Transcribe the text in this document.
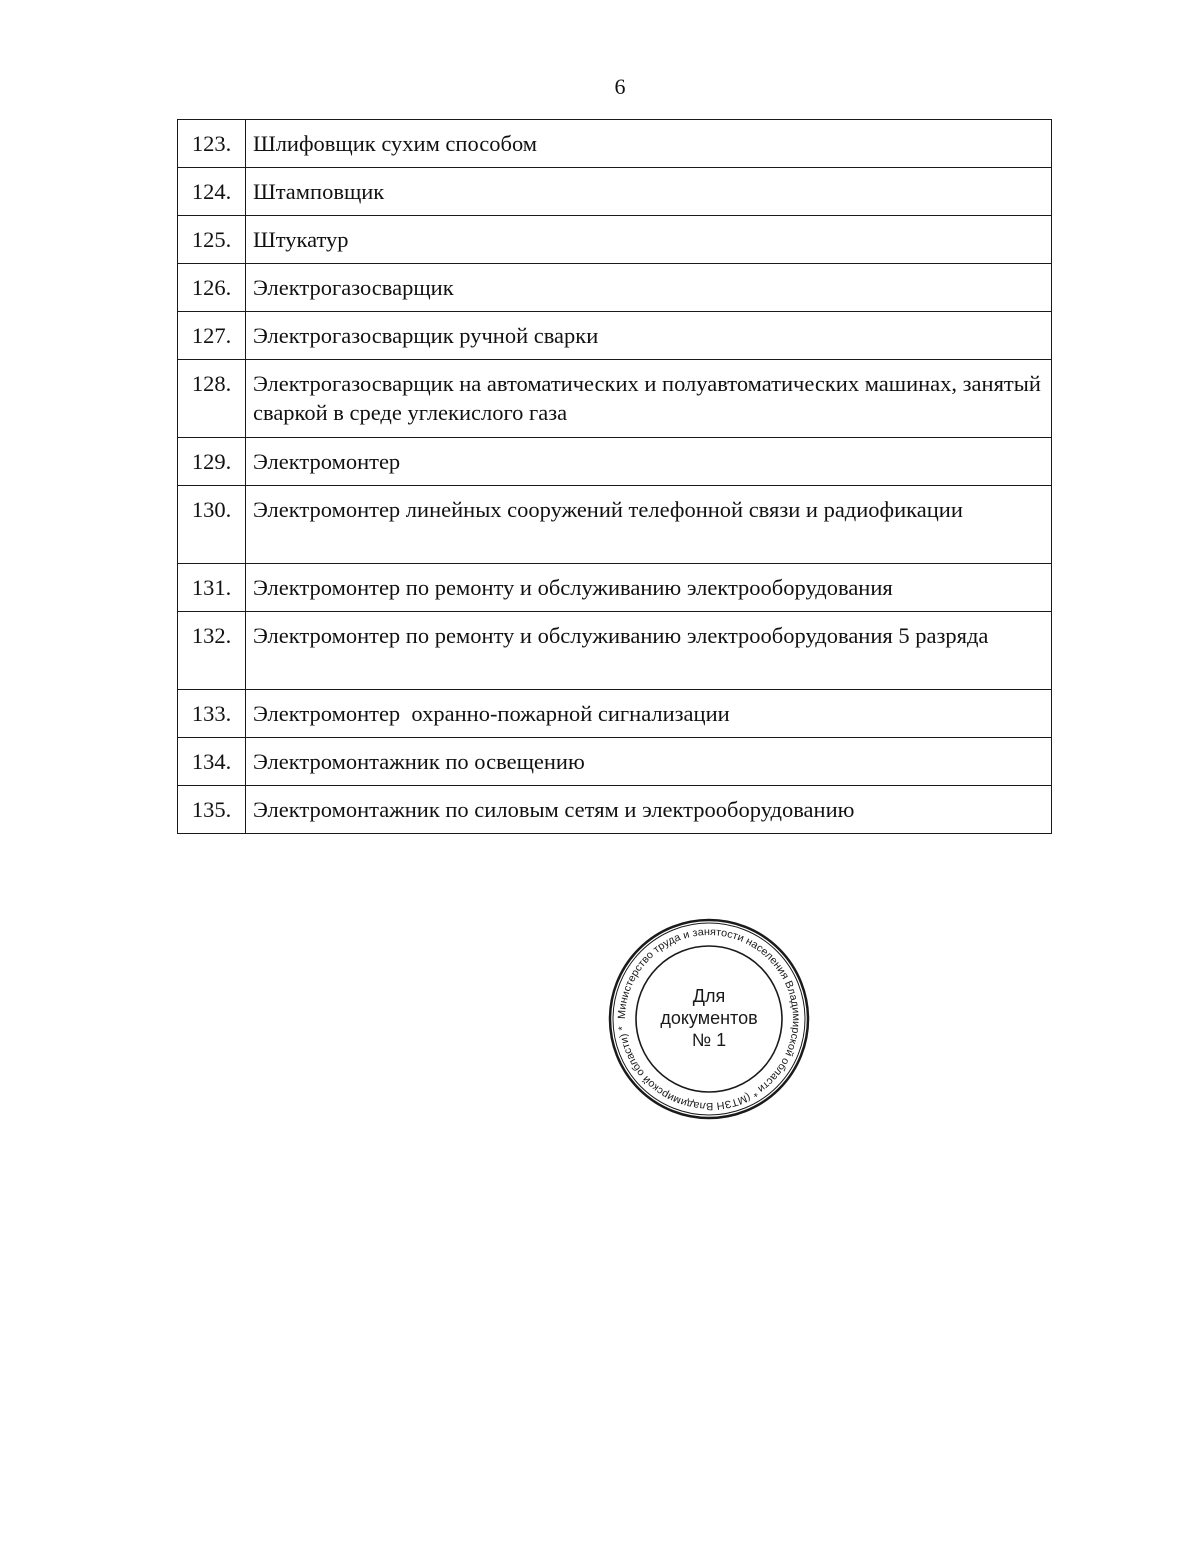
6
123.	Шлифовщик сухим способом
124.	Штамповщик
125.	Штукатур
126.	Электрогазосварщик
127.	Электрогазосварщик ручной сварки
128.	Электрогазосварщик на автоматических и полуавтоматических машинах, занятый сваркой в среде углекислого газа
129.	Электромонтер
130.	Электромонтер линейных сооружений телефонной связи и радиофикации
131.	Электромонтер по ремонту и обслуживанию электрооборудования
132.	Электромонтер по ремонту и обслуживанию электрооборудования 5 разряда
133.	Электромонтер  охранно-пожарной сигнализации
134.	Электромонтажник по освещению
135.	Электромонтажник по силовым сетям и электрооборудованию
Министерство труда и занятости населения Владимирской области * (МТЗН Владимирской области) *
Для
документов
№ 1
